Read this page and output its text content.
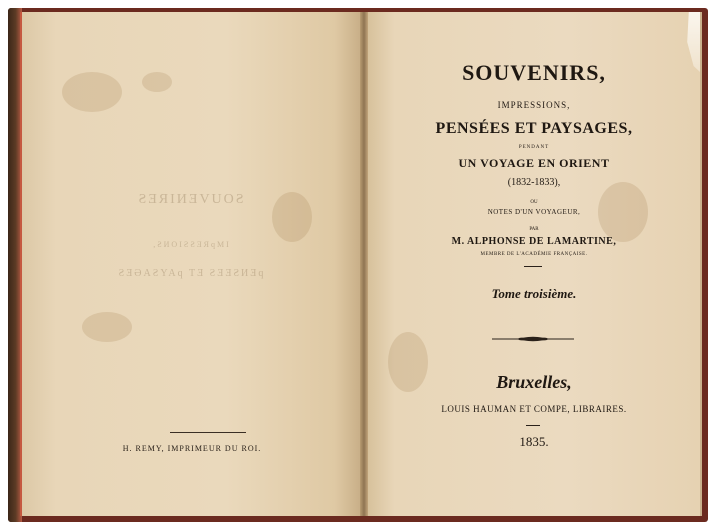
ƧƎЯIИƎVUOƧ
,ƧИOIƧƧƎЯqMI
ƧƎӘAƧYAq TƎ ƧƎƎƧИƎq
H. REMY, IMPRIMEUR DU ROI.
SOUVENIRS,
IMPRESSIONS,
PENSÉES ET PAYSAGES,
PENDANT
UN VOYAGE EN ORIENT
(1832-1833),
OU
NOTES D'UN VOYAGEUR,
PAR
M. ALPHONSE DE LAMARTINE,
MEMBRE DE L'ACADÉMIE FRANÇAISE.
Tome troisième.
Bruxelles,
LOUIS HAUMAN ET COMPE, LIBRAIRES.
1835.
